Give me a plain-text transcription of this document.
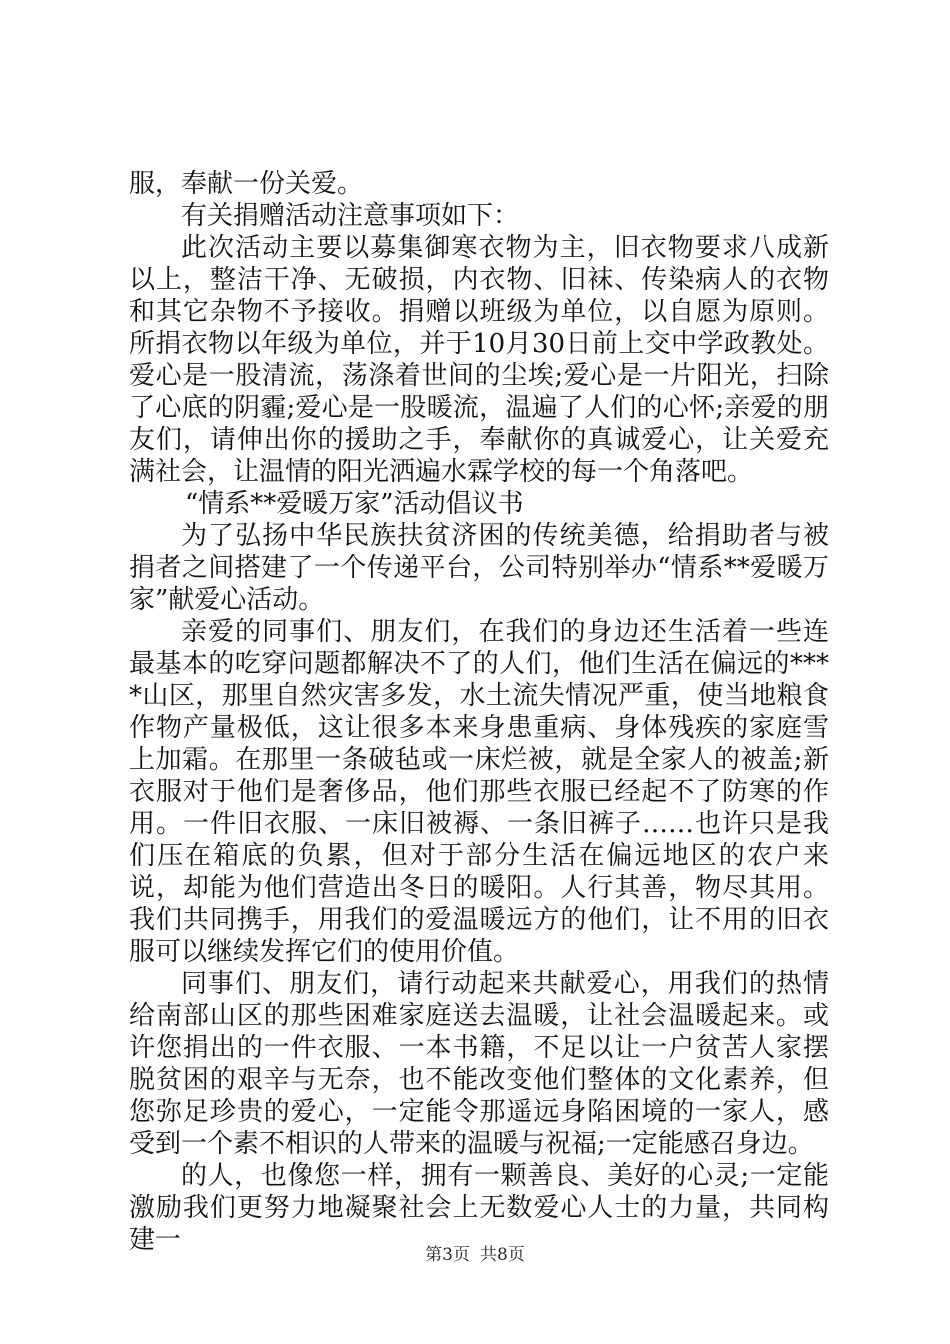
服，奉献一份关爱。

有关捐赠活动注意事项如下：

此次活动主要以募集御寒衣物为主，旧衣物要求八成新以上，整洁干净、无破损，内衣物、旧袜、传染病人的衣物和其它杂物不予接收。捐赠以班级为单位，以自愿为原则。所捐衣物以年级为单位，并于10月30日前上交中学政教处。爱心是一股清流，荡涤着世间的尘埃;爱心是一片阳光，扫除了心底的阴霾;爱心是一股暖流，温遍了人们的心怀;亲爱的朋友们，请伸出你的援助之手，奉献你的真诚爱心，让关爱充满社会，让温情的阳光洒遍水霖学校的每一个角落吧。

“情系**爱暖万家”活动倡议书

为了弘扬中华民族扶贫济困的传统美德，给捐助者与被捐者之间搭建了一个传递平台，公司特别举办“情系**爱暖万家”献爱心活动。

亲爱的同事们、朋友们，在我们的身边还生活着一些连最基本的吃穿问题都解决不了的人们，他们生活在偏远的****山区，那里自然灾害多发，水土流失情况严重，使当地粮食作物产量极低，这让很多本来身患重病、身体残疾的家庭雪上加霜。在那里一条破毡或一床烂被，就是全家人的被盖;新衣服对于他们是奢侈品，他们那些衣服已经起不了防寒的作用。一件旧衣服、一床旧被褥、一条旧裤子……也许只是我们压在箱底的负累，但对于部分生活在偏远地区的农户来说，却能为他们营造出冬日的暖阳。人行其善，物尽其用。我们共同携手，用我们的爱温暖远方的他们，让不用的旧衣服可以继续发挥它们的使用价值。

同事们、朋友们，请行动起来共献爱心，用我们的热情给南部山区的那些困难家庭送去温暖，让社会温暖起来。或许您捐出的一件衣服、一本书籍，不足以让一户贫苦人家摆脱贫困的艰辛与无奈，也不能改变他们整体的文化素养，但您弥足珍贵的爱心，一定能令那遥远身陷困境的一家人，感受到一个素不相识的人带来的温暖与祝福;一定能感召身边。

的人，也像您一样，拥有一颗善良、美好的心灵;一定能激励我们更努力地凝聚社会上无数爱心人士的力量，共同构建一	第3页 共8页
